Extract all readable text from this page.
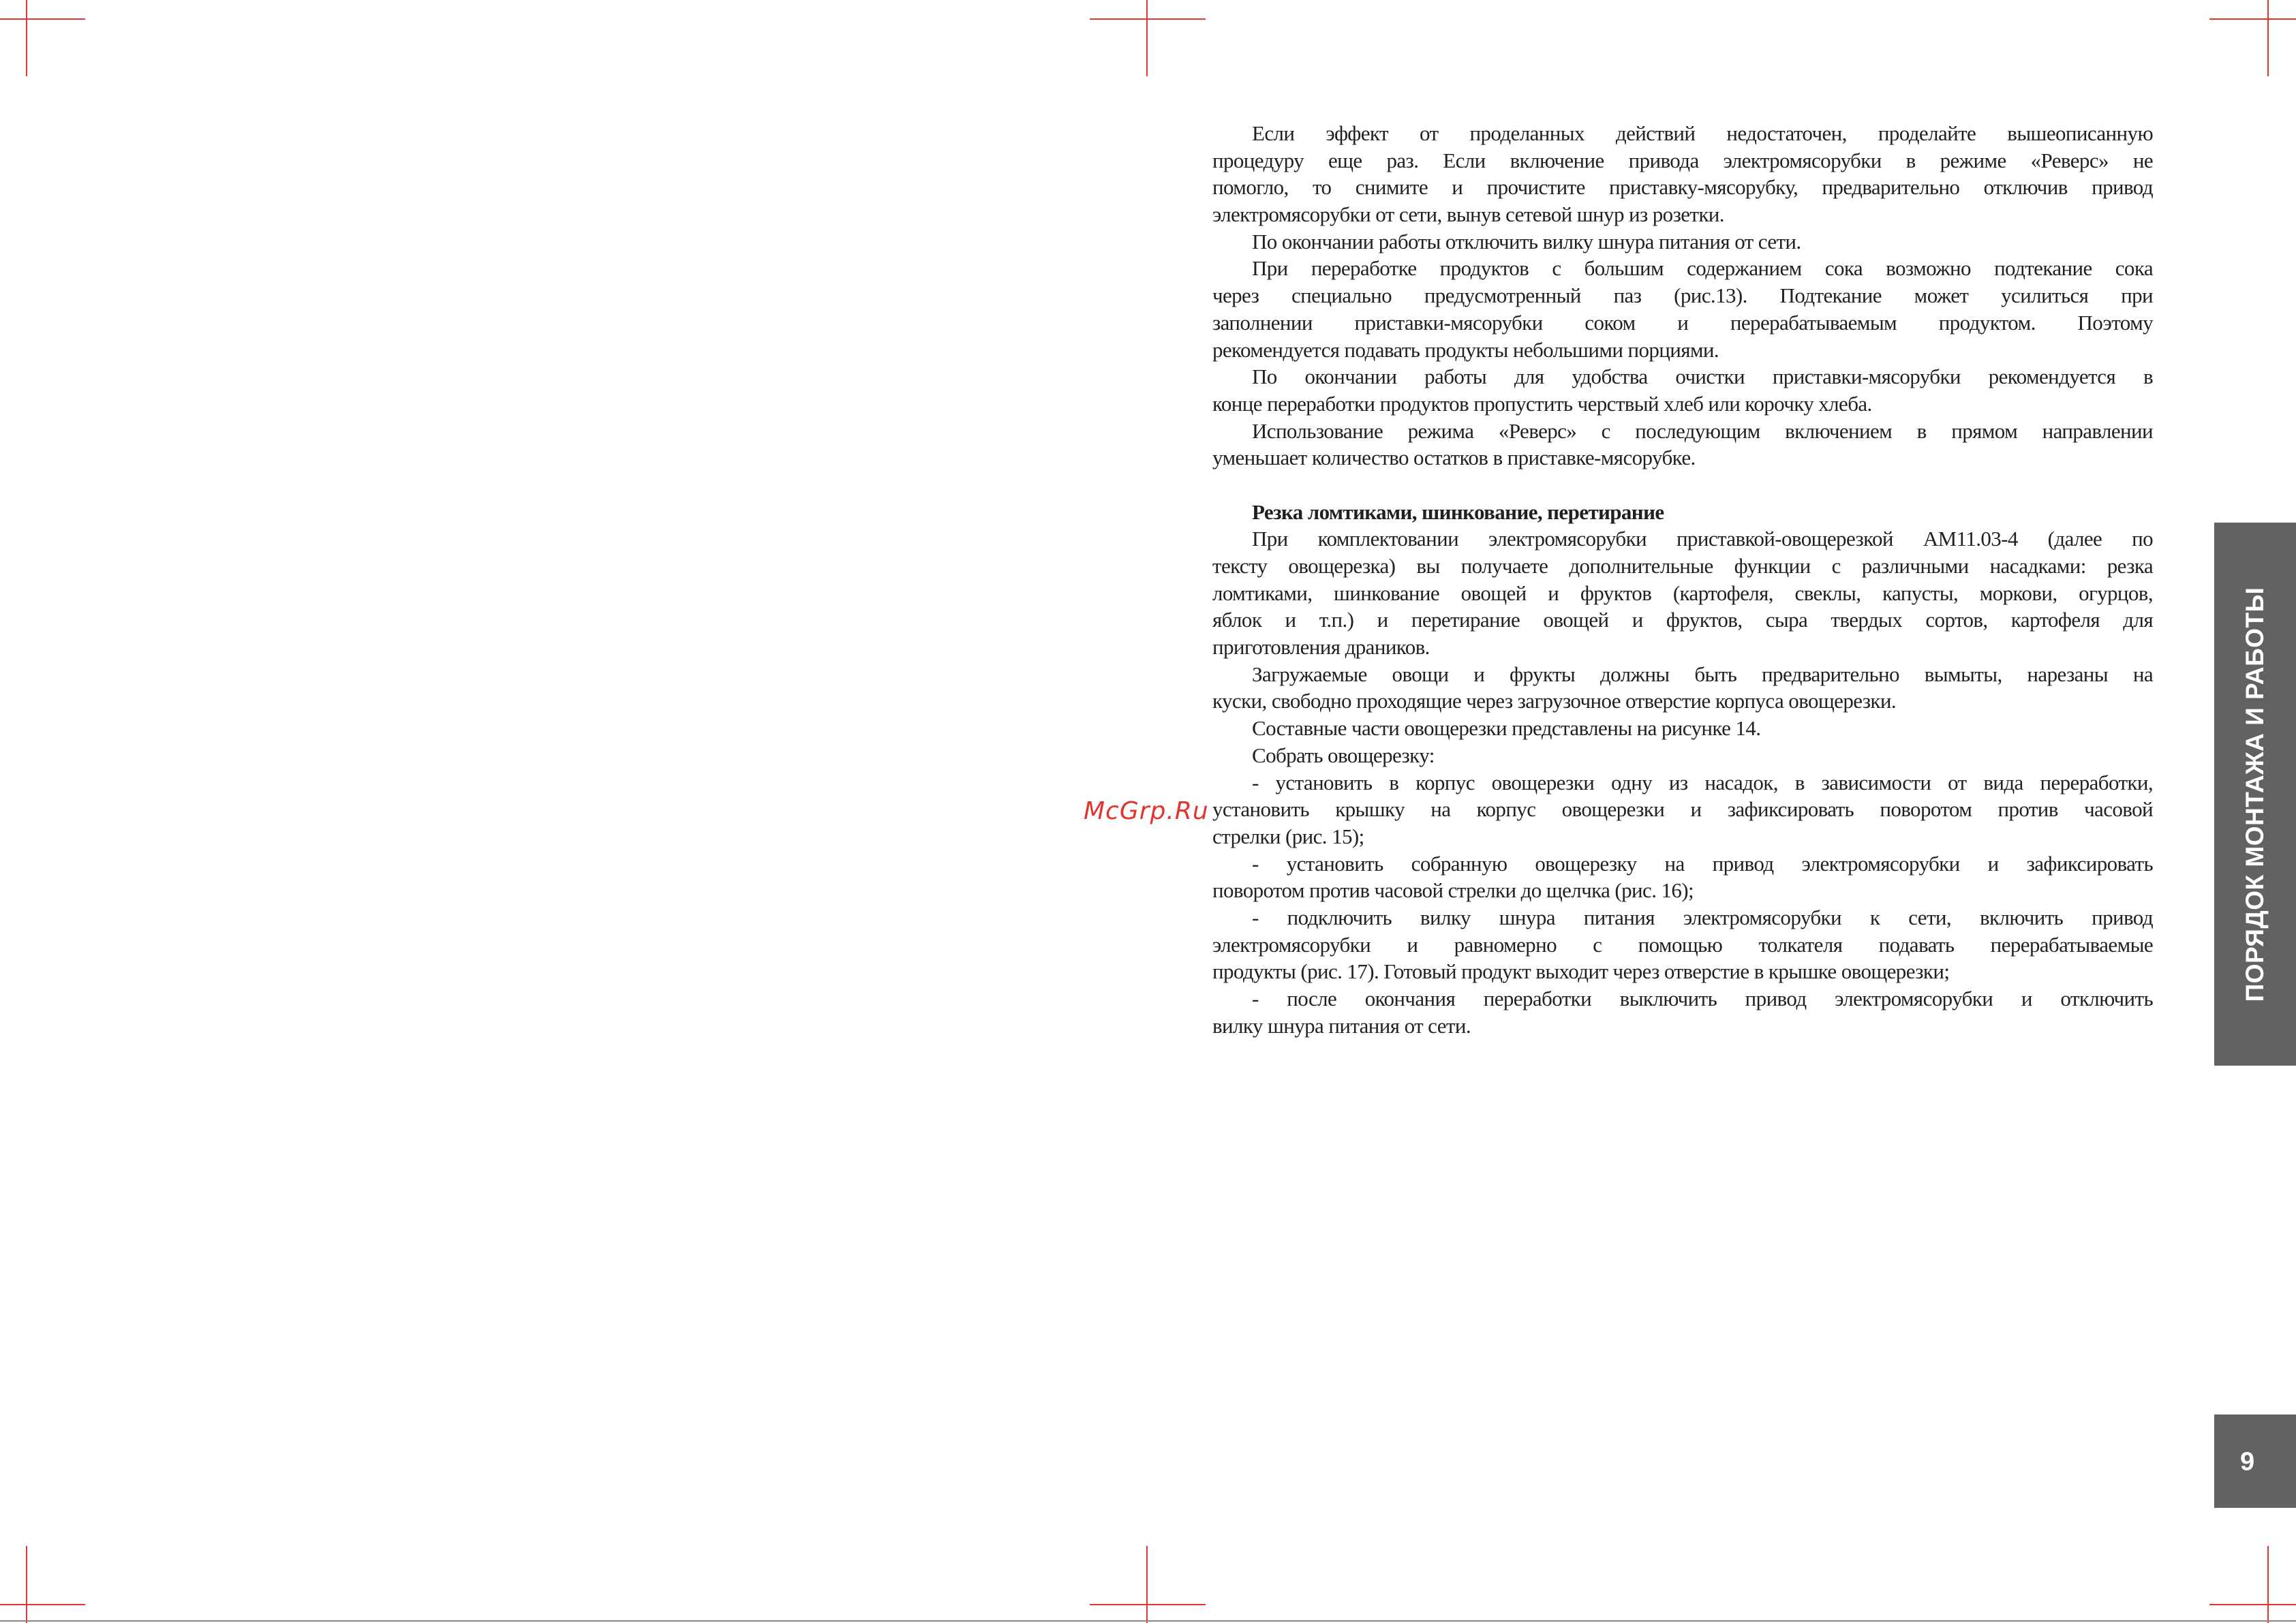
Если эффект от проделанных действий недостаточен, проделайте вышеописанную
процедуру еще раз. Если включение привода электромясорубки в режиме «Реверс» не
помогло, то снимите и прочистите приставку-мясорубку, предварительно отключив привод
электромясорубки от сети, вынув сетевой шнур из розетки.
По окончании работы отключить вилку шнура питания от сети.
При переработке продуктов с большим содержанием сока возможно подтекание сока
через специально предусмотренный паз (рис.13). Подтекание может усилиться при
заполнении приставки-мясорубки соком и перерабатываемым продуктом. Поэтому
рекомендуется подавать продукты небольшими порциями.
По окончании работы для удобства очистки приставки-мясорубки рекомендуется в
конце переработки продуктов пропустить черствый хлеб или корочку хлеба.
Использование режима «Реверс» с последующим включением в прямом направлении
уменьшает количество остатков в приставке-мясорубке.
Резка ломтиками, шинкование, перетирание
При комплектовании электромясорубки приставкой-овощерезкой АМ11.03-4 (далее по
тексту овощерезка) вы получаете дополнительные функции с различными насадками: резка
ломтиками, шинкование овощей и фруктов (картофеля, свеклы, капусты, моркови, огурцов,
яблок и т.п.) и перетирание овощей и фруктов, сыра твердых сортов, картофеля для
приготовления драников.
Загружаемые овощи и фрукты должны быть предварительно вымыты, нарезаны на
куски, свободно проходящие через загрузочное отверстие корпуса овощерезки.
Составные части овощерезки представлены на рисунке 14.
Собрать овощерезку:
- установить в корпус овощерезки одну из насадок, в зависимости от вида переработки,
установить крышку на корпус овощерезки и зафиксировать поворотом против часовой
стрелки (рис. 15);
- установить собранную овощерезку на привод электромясорубки и зафиксировать
поворотом против часовой стрелки до щелчка (рис. 16);
- подключить вилку шнура питания электромясорубки к сети, включить привод
электромясорубки и равномерно с помощью толкателя подавать перерабатываемые
продукты (рис. 17). Готовый продукт выходит через отверстие в крышке овощерезки;
- после окончания переработки выключить привод электромясорубки и отключить
вилку шнура питания от сети.
McGrp.Ru	ПОРЯДОК МОНТАЖА И РАБОТЫ
9
